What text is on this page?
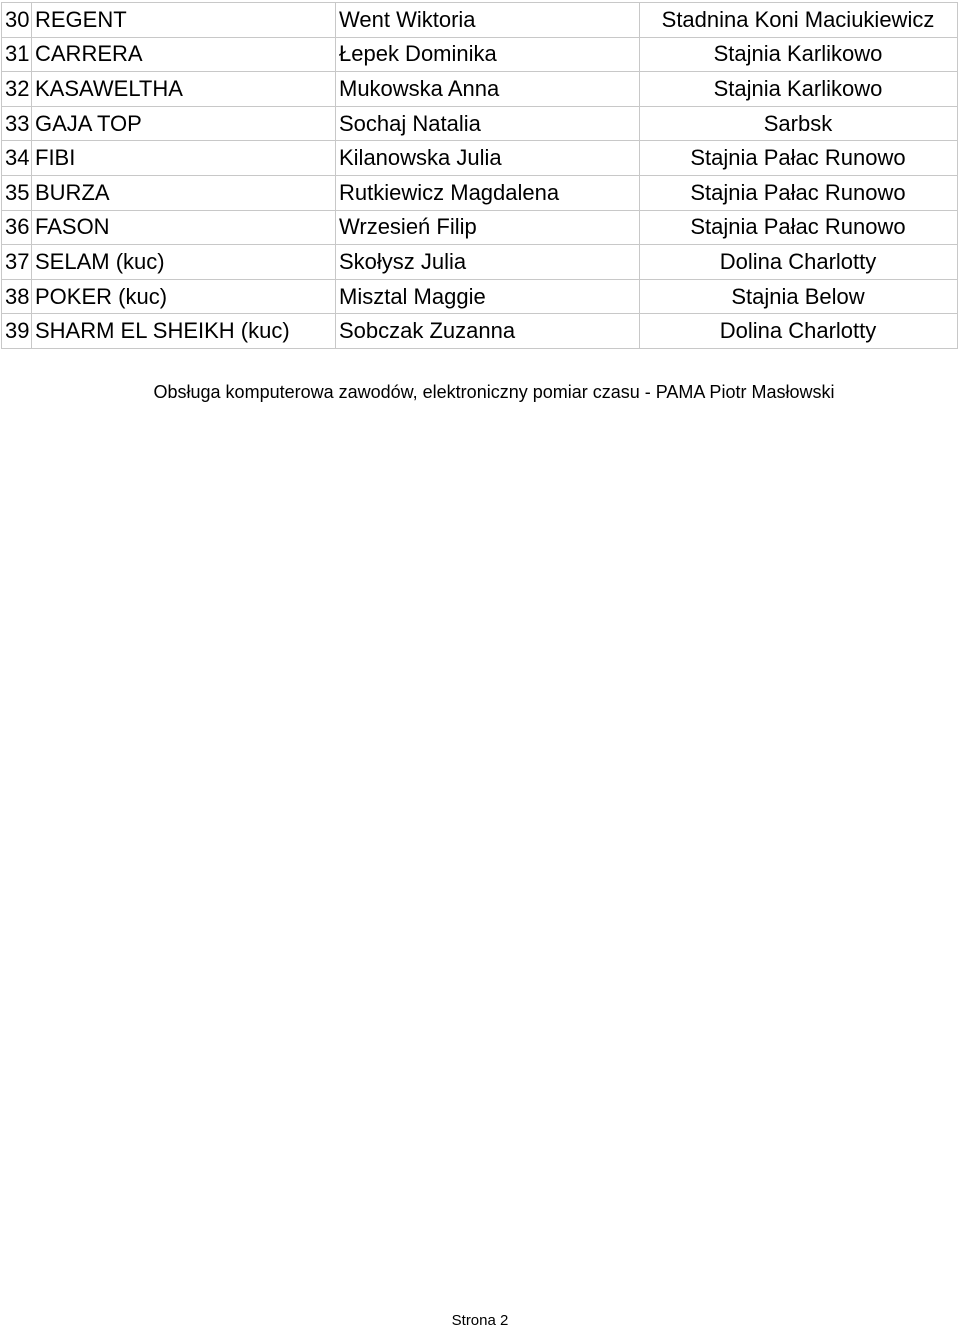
30	REGENT	Went Wiktoria	Stadnina Koni Maciukiewicz
31	CARRERA	Łepek Dominika	Stajnia Karlikowo
32	KASAWELTHA	Mukowska Anna	Stajnia Karlikowo
33	GAJA TOP	Sochaj Natalia	Sarbsk
34	FIBI	Kilanowska Julia	Stajnia Pałac Runowo
35	BURZA	Rutkiewicz Magdalena	Stajnia Pałac Runowo
36	FASON	Wrzesień Filip	Stajnia Pałac Runowo
37	SELAM (kuc)	Skołysz Julia	Dolina Charlotty
38	POKER (kuc)	Misztal Maggie	Stajnia Below
39	SHARM EL SHEIKH (kuc)	Sobczak Zuzanna	Dolina Charlotty
Obsługa komputerowa zawodów, elektroniczny pomiar czasu - PAMA Piotr Masłowski
Strona 2
